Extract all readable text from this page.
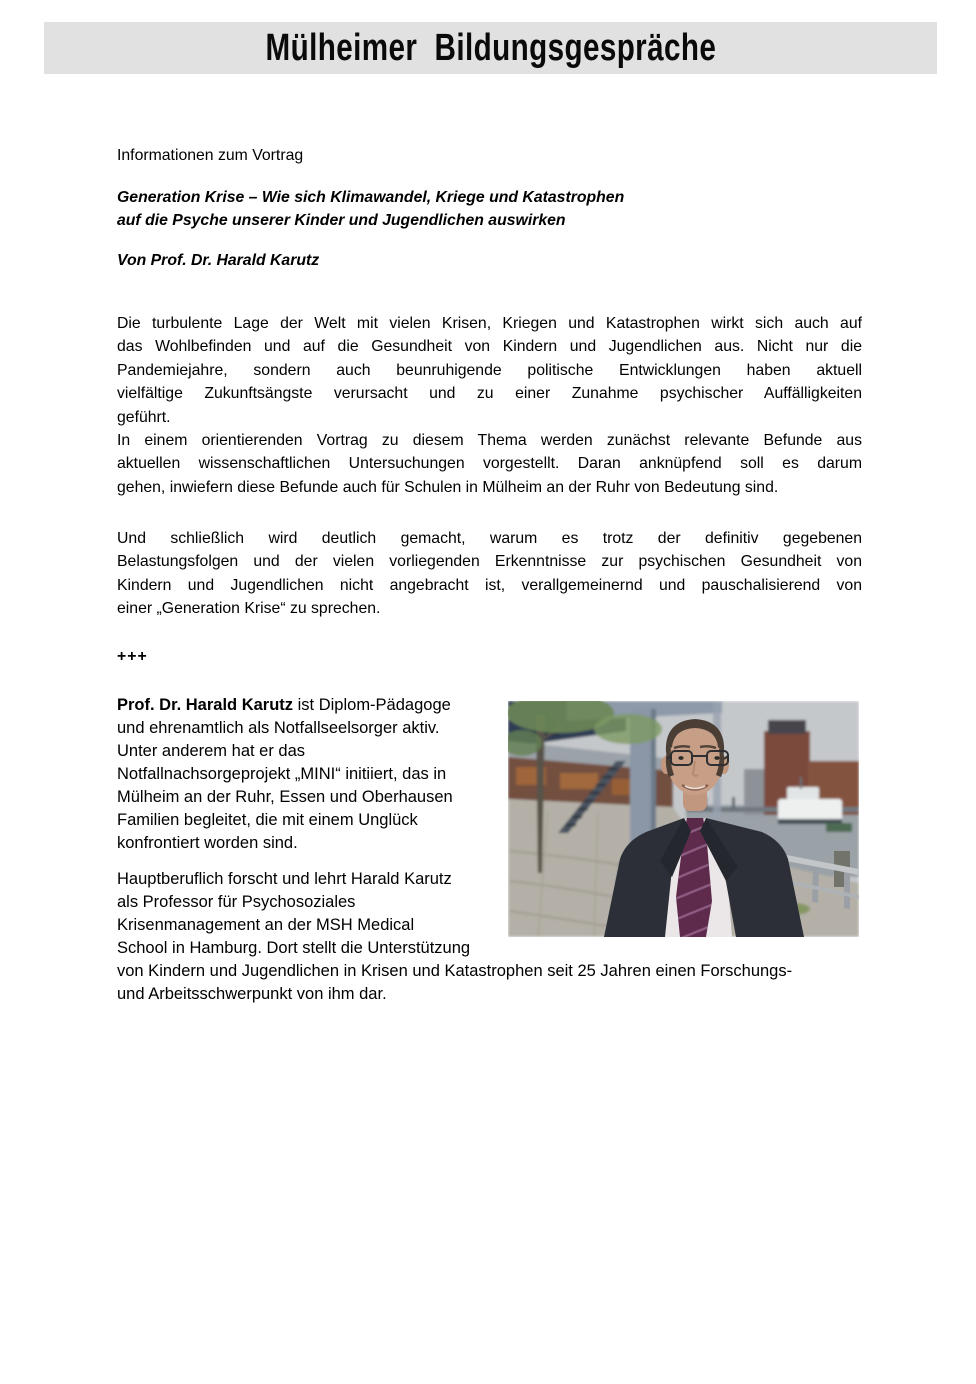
Mülheimer  Bildungsgespräche
Informationen zum Vortrag
Generation Krise – Wie sich Klimawandel, Kriege und Katastrophen
auf die Psyche unserer Kinder und Jugendlichen auswirken
Von Prof. Dr. Harald Karutz
Die turbulente Lage der Welt mit vielen Krisen, Kriegen und Katastrophen wirkt sich auch auf
das Wohlbefinden und auf die Gesundheit von Kindern und Jugendlichen aus. Nicht nur die
Pandemiejahre, sondern auch beunruhigende politische Entwicklungen haben aktuell
vielfältige Zukunftsängste verursacht und zu einer Zunahme psychischer Auffälligkeiten
geführt.
In einem orientierenden Vortrag zu diesem Thema werden zunächst relevante Befunde aus
aktuellen wissenschaftlichen Untersuchungen vorgestellt. Daran anknüpfend soll es darum
gehen, inwiefern diese Befunde auch für Schulen in Mülheim an der Ruhr von Bedeutung sind.
Und schließlich wird deutlich gemacht, warum es trotz der definitiv gegebenen
Belastungsfolgen und der vielen vorliegenden Erkenntnisse zur psychischen Gesundheit von
Kindern und Jugendlichen nicht angebracht ist, verallgemeinernd und pauschalisierend von
einer „Generation Krise“ zu sprechen.
+++
Prof. Dr. Harald Karutz ist Diplom-Pädagoge
und ehrenamtlich als Notfallseelsorger aktiv.
Unter anderem hat er das
Notfallnachsorgeprojekt „MINI“ initiiert, das in
Mülheim an der Ruhr, Essen und Oberhausen
Familien begleitet, die mit einem Unglück
konfrontiert worden sind.
Hauptberuflich forscht und lehrt Harald Karutz
als Professor für Psychosoziales
Krisenmanagement an der MSH Medical
School in Hamburg. Dort stellt die Unterstützung
von Kindern und Jugendlichen in Krisen und Katastrophen seit 25 Jahren einen Forschungs-
und Arbeitsschwerpunkt von ihm dar.
